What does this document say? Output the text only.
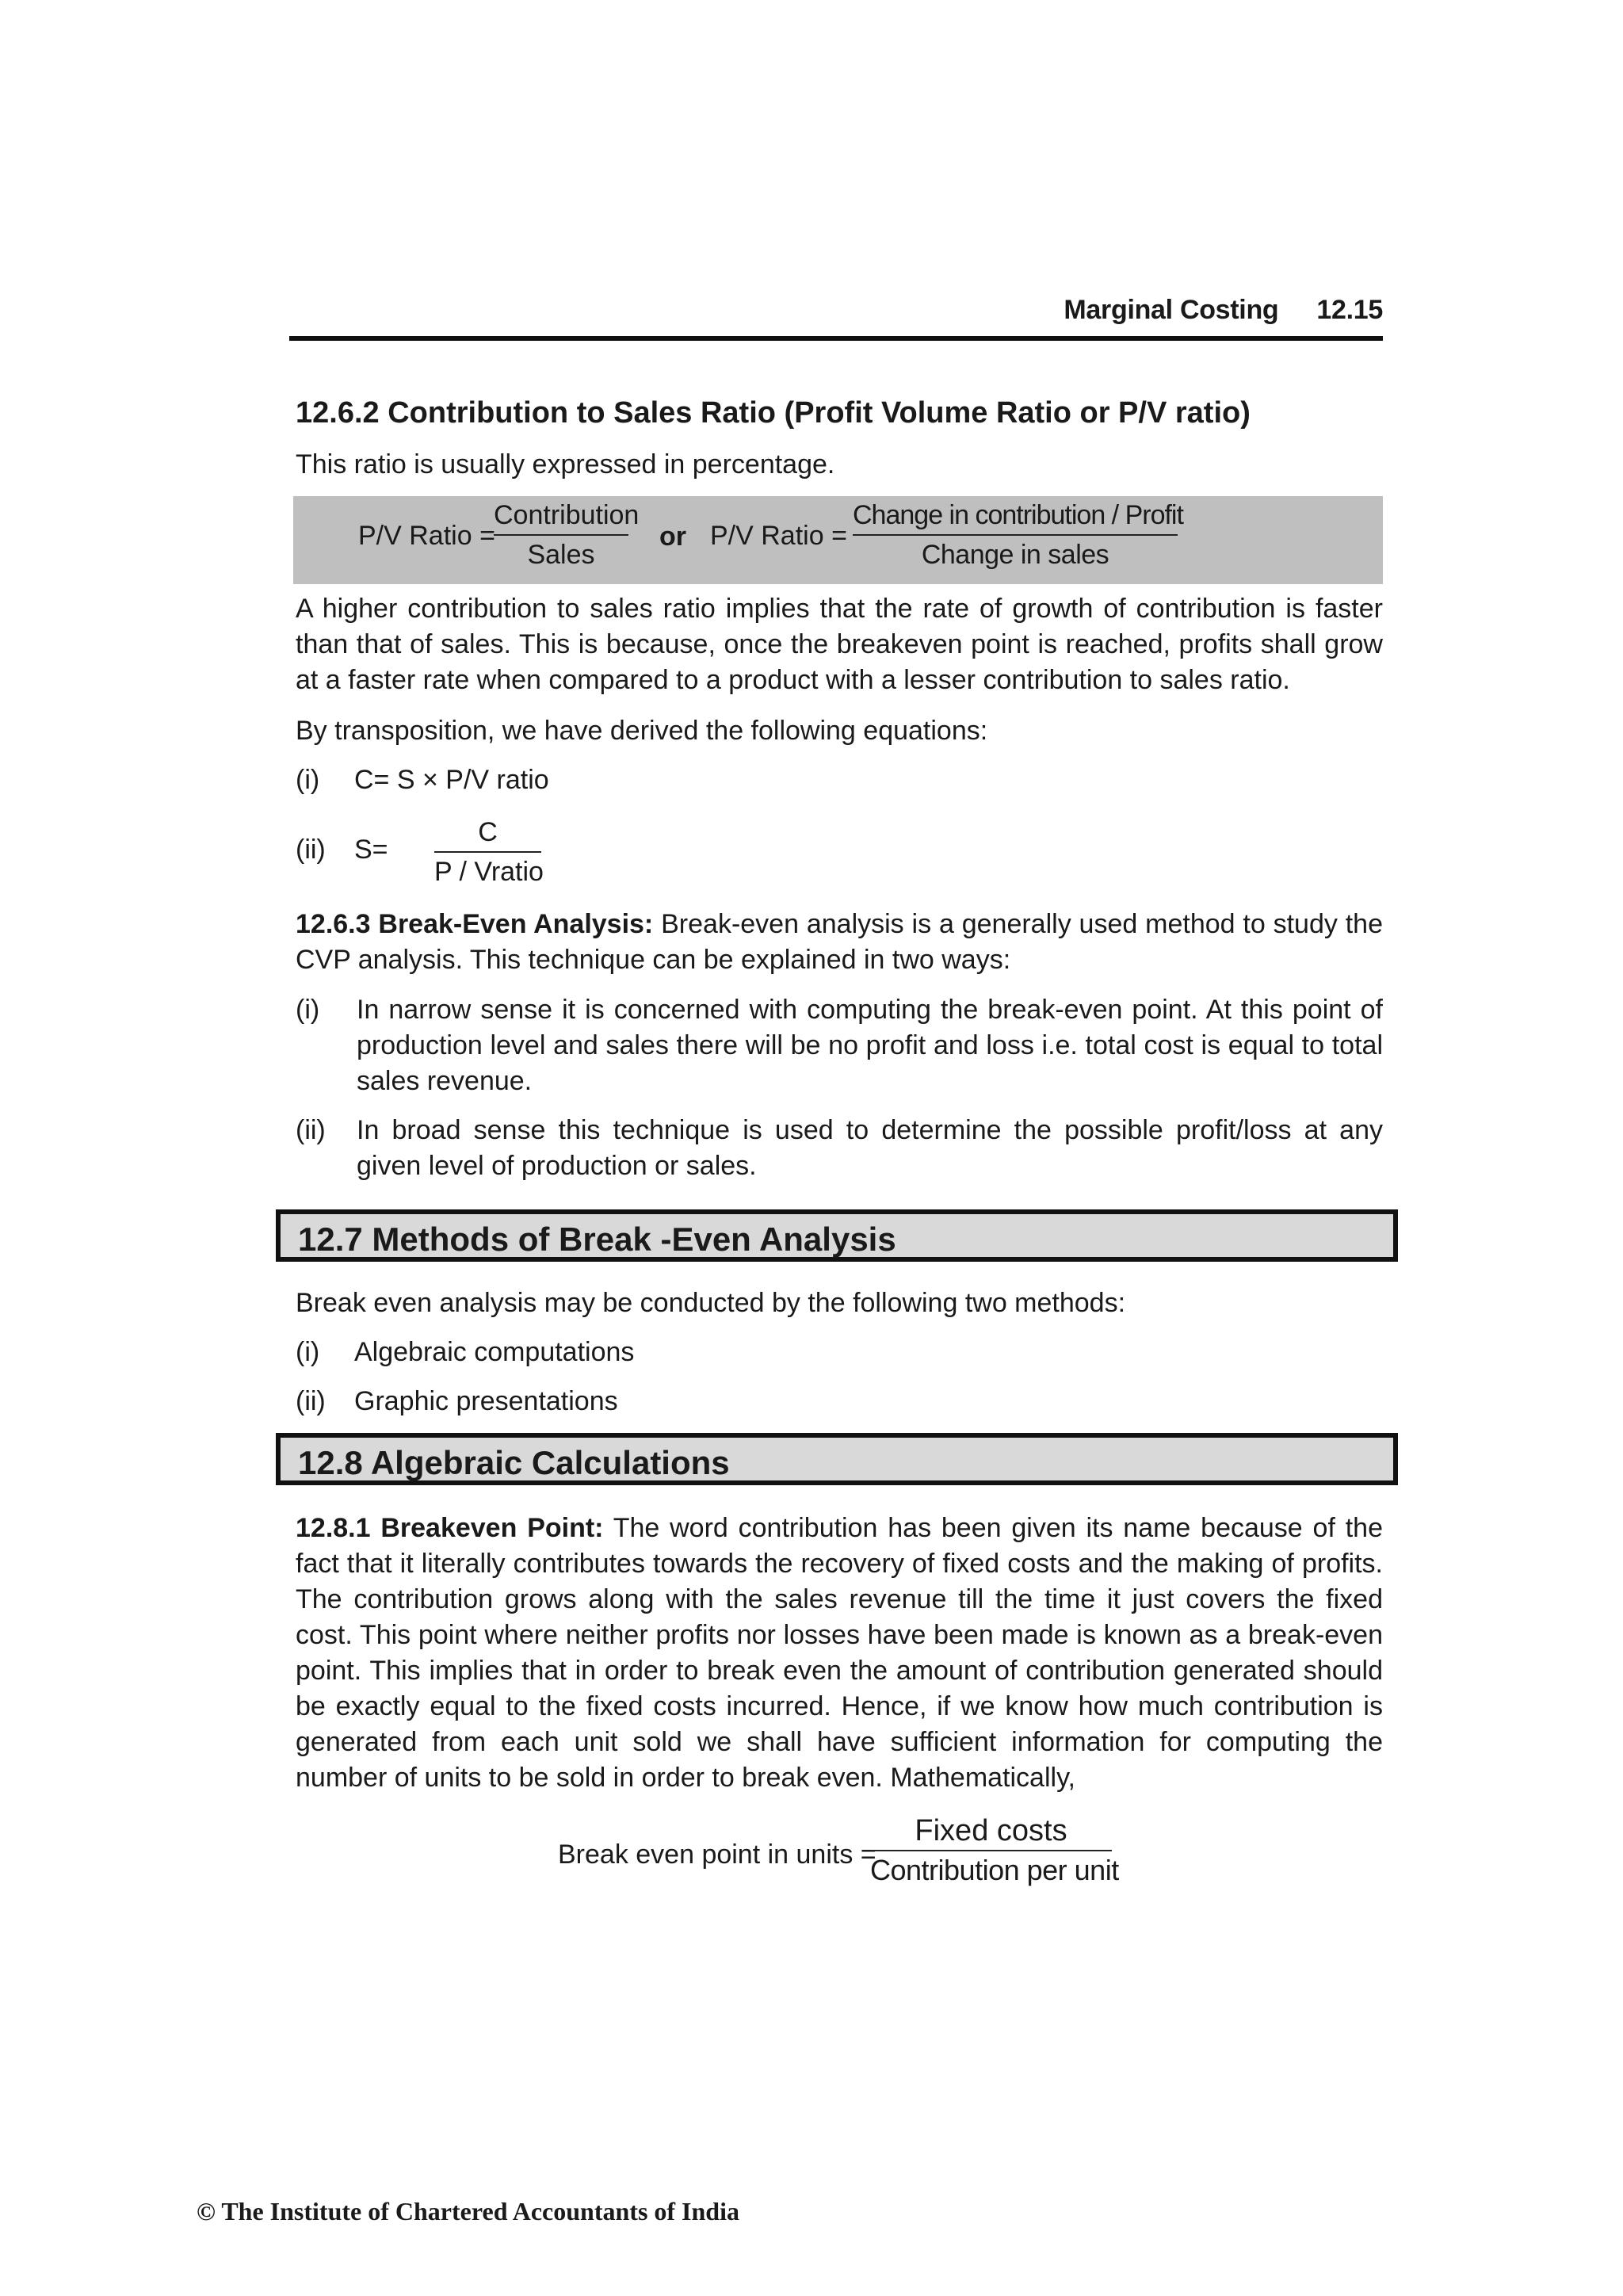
Marginal Costing 12.15
12.6.2 Contribution to Sales Ratio (Profit Volume Ratio or P/V ratio)
This ratio is usually expressed in percentage.
P/V Ratio =
Contribution
Sales
or P/V Ratio =
Change in contribution / Profit
Change in sales
A higher contribution to sales ratio implies that the rate of growth of contribution is faster than that of sales. This is because, once the breakeven point is reached, profits shall grow at a faster rate when compared to a product with a lesser contribution to sales ratio.
By transposition, we have derived the following equations:
(i) C= S × P/V ratio
(ii) S=
C
P / Vratio
12.6.3 Break-Even Analysis: Break-even analysis is a generally used method to study the CVP analysis. This technique can be explained in two ways:
(i) In narrow sense it is concerned with computing the break-even point. At this point of production level and sales there will be no profit and loss i.e. total cost is equal to total sales revenue.
(ii) In broad sense this technique is used to determine the possible profit/loss at any given level of production or sales.
12.7 Methods of Break -Even Analysis
Break even analysis may be conducted by the following two methods:
(i) Algebraic computations
(ii) Graphic presentations
12.8 Algebraic Calculations
12.8.1 Breakeven Point: The word contribution has been given its name because of the fact that it literally contributes towards the recovery of fixed costs and the making of profits. The contribution grows along with the sales revenue till the time it just covers the fixed cost. This point where neither profits nor losses have been made is known as a break-even point. This implies that in order to break even the amount of contribution generated should be exactly equal to the fixed costs incurred. Hence, if we know how much contribution is generated from each unit sold we shall have sufficient information for computing the number of units to be sold in order to break even. Mathematically,
Break even point in units =
Fixed costs
Contribution per unit
© The Institute of Chartered Accountants of India
